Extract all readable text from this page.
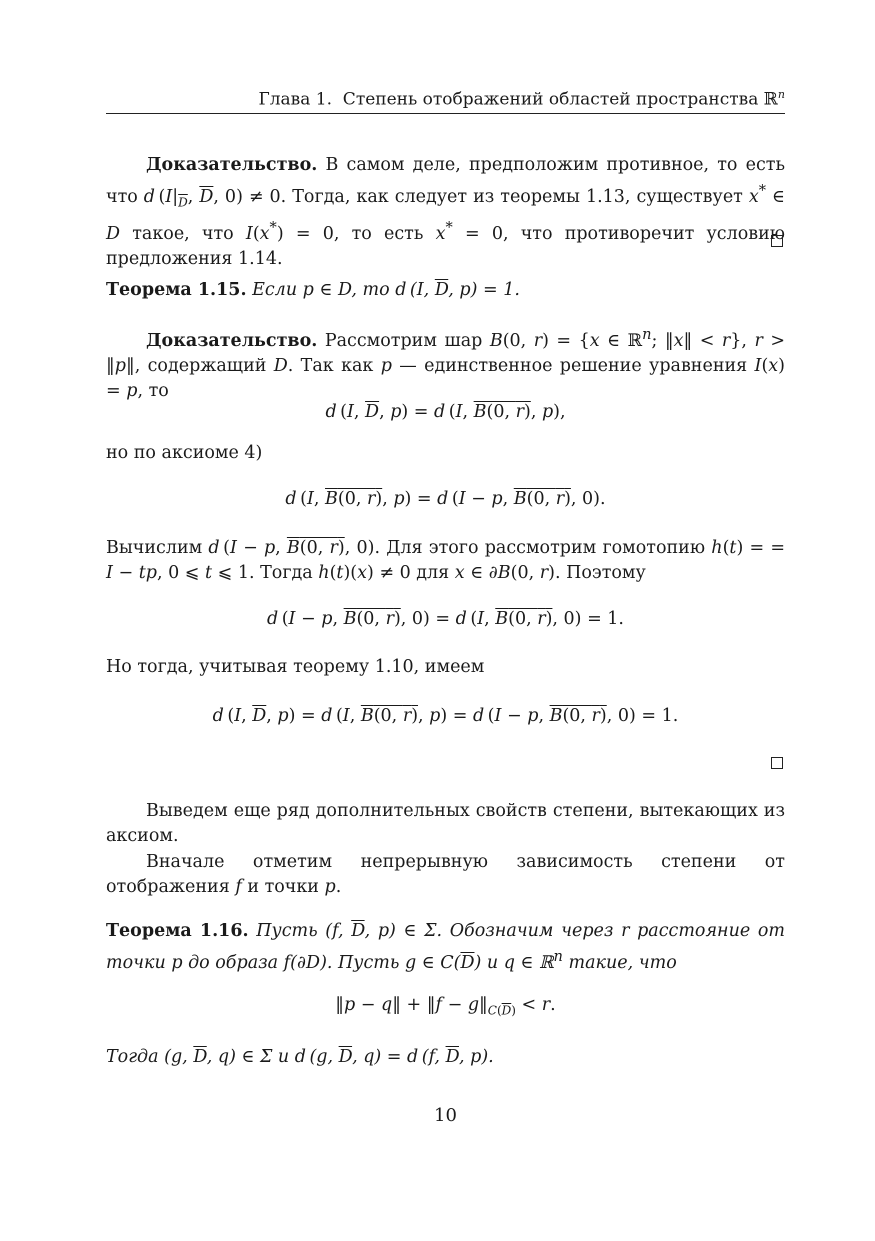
Глава 1.  Степень отображений областей пространства ℝ$^n$
Доказательство. В самом деле, предположим противное, то есть что d ($I|_{\overline{D}}$, $\overline{D}$, 0) ≠ 0. Тогда, как следует из теоремы 1.13, существует x* ∈ D такое, что I(x*) = 0, то есть x* = 0, что противоречит условию предложения 1.14.
Теорема 1.15. Если p ∈ D, то d (I, $\overline{D}$, p) = 1.
Доказательство. Рассмотрим шар B(0, r) = {x ∈ ℝ$^n$; ‖x‖ < r}, r > ‖p‖, содержащий D. Так как p — единственное решение уравнения I(x) = p, то
d (I, $\overline{D}$, p) = d (I, B(0, r), p),
но по аксиоме 4)
d (I, B(0, r), p) = d (I − p, B(0, r), 0).
Вычислим d (I − p, B(0, r), 0). Для этого рассмотрим гомотопию h(t) = = I − tp, 0 ⩽ t ⩽ 1. Тогда h(t)(x) ≠ 0 для x ∈ ∂B(0, r). Поэтому
d (I − p, B(0, r), 0) = d (I, B(0, r), 0) = 1.
Но тогда, учитывая теорему 1.10, имеем
d (I, $\overline{D}$, p) = d (I, B(0, r), p) = d (I − p, B(0, r), 0) = 1.
Выведем еще ряд дополнительных свойств степени, вытекающих из аксиом.
Вначале отметим непрерывную зависимость степени от отображения f и точки p.
Теорема 1.16. Пусть (f, $\overline{D}$, p) ∈ Σ. Обозначим через r расстояние от точки p до образа f(∂D). Пусть g ∈ $C(\overline{D})$ и q ∈ ℝ$^n$ такие, что
‖p − q‖ + ‖f − $g‖_{C(\overline{D})} < r$.
Тогда (g, $\overline{D}$, q) ∈ Σ и d (g, $\overline{D}$, q) = d (f, $\overline{D}$, p).
10
